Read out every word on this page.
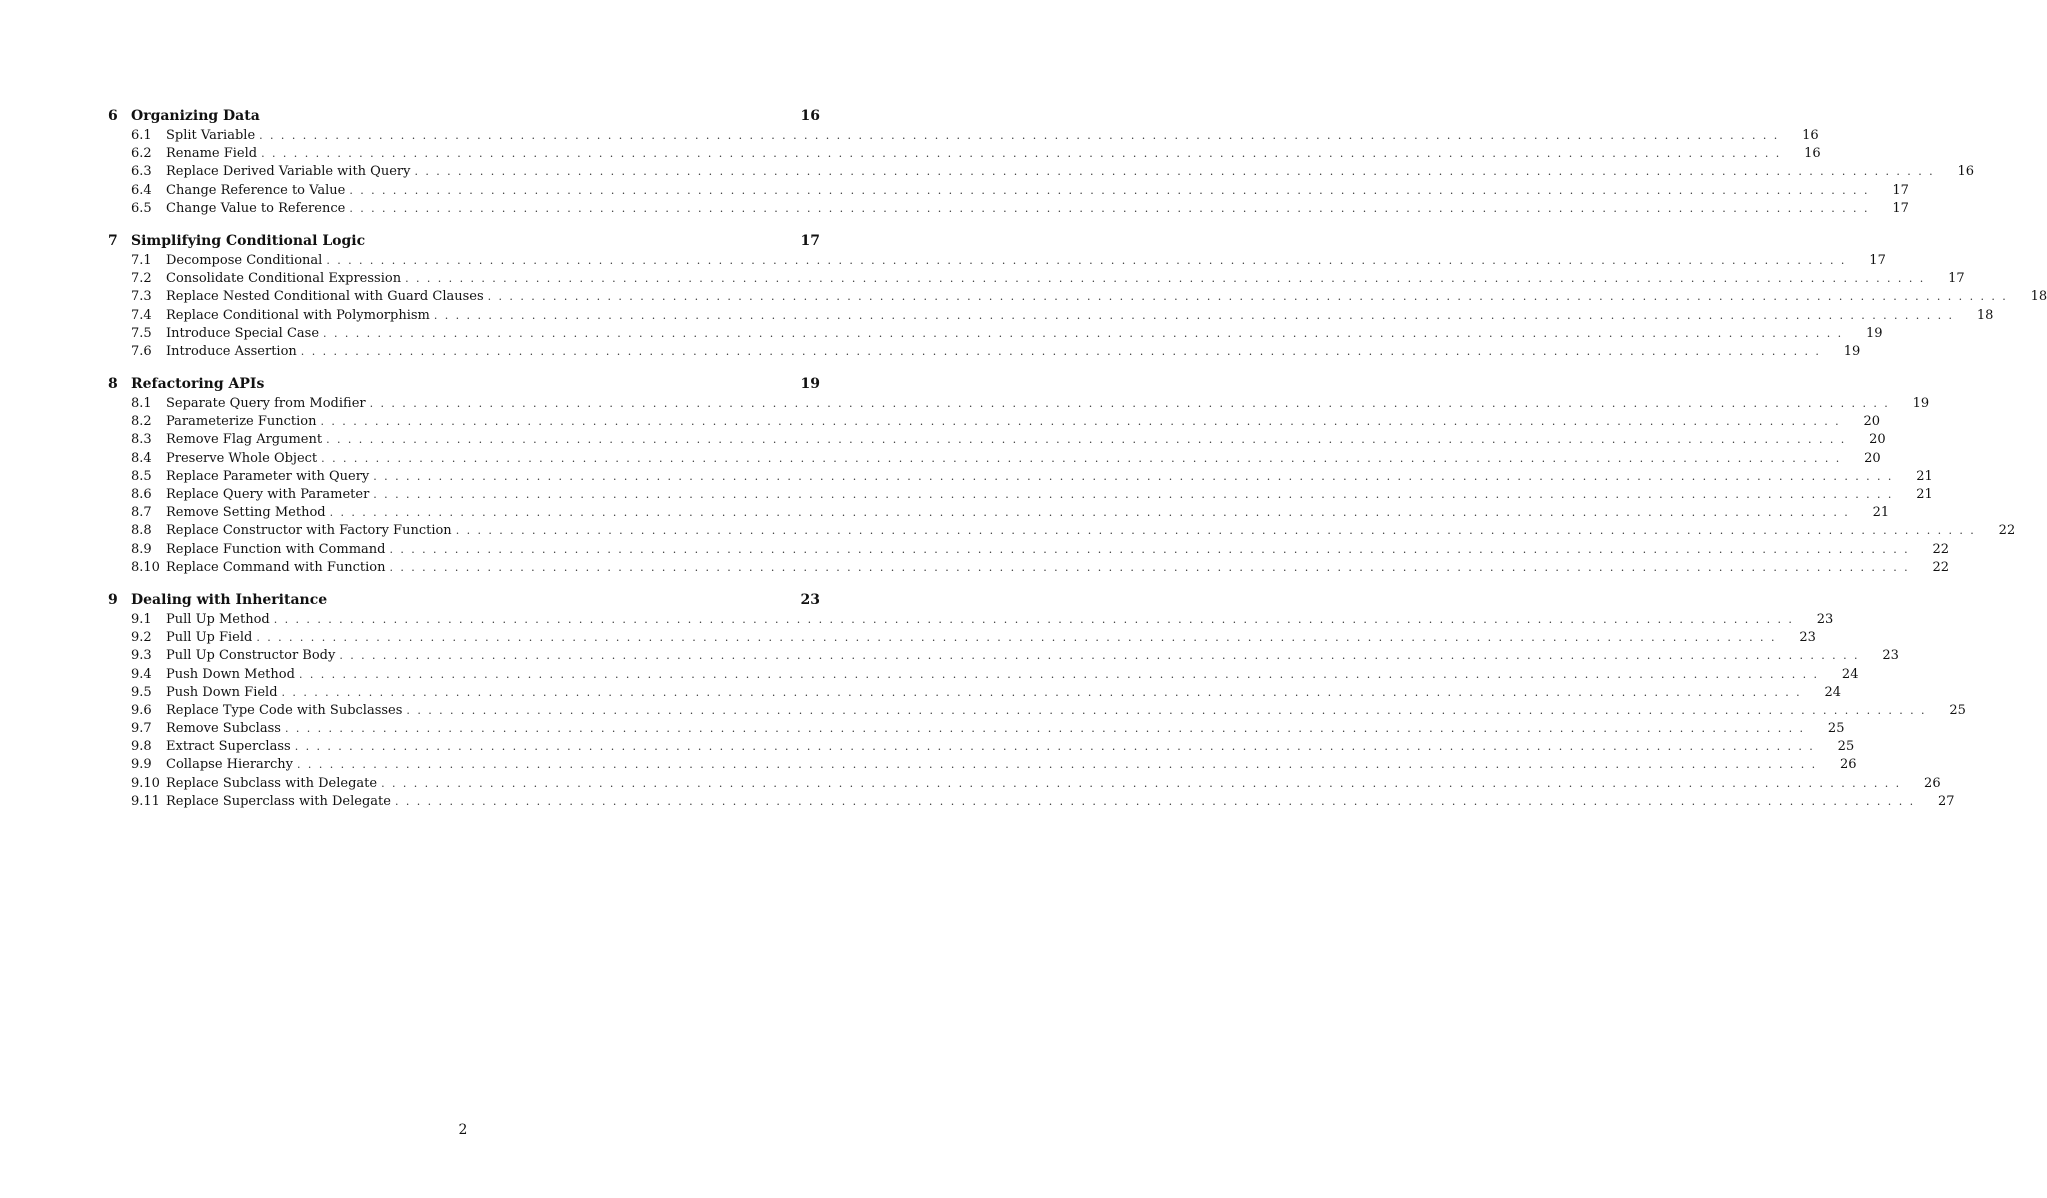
6 Organizing Data	16
6.1	Split Variable ............................................................................................................................................	16
6.2	Rename Field ............................................................................................................................................	16
6.3	Replace Derived Variable with Query ............................................................................................................................................	16
6.4	Change Reference to Value ............................................................................................................................................	17
6.5	Change Value to Reference ............................................................................................................................................	17
7 Simplifying Conditional Logic	17
7.1	Decompose Conditional ............................................................................................................................................	17
7.2	Consolidate Conditional Expression ............................................................................................................................................	17
7.3	Replace Nested Conditional with Guard Clauses ............................................................................................................................................	18
7.4	Replace Conditional with Polymorphism ............................................................................................................................................	18
7.5	Introduce Special Case ............................................................................................................................................	19
7.6	Introduce Assertion ............................................................................................................................................	19
8 Refactoring APIs	19
8.1	Separate Query from Modifier ............................................................................................................................................	19
8.2	Parameterize Function ............................................................................................................................................	20
8.3	Remove Flag Argument ............................................................................................................................................	20
8.4	Preserve Whole Object ............................................................................................................................................	20
8.5	Replace Parameter with Query ............................................................................................................................................	21
8.6	Replace Query with Parameter ............................................................................................................................................	21
8.7	Remove Setting Method ............................................................................................................................................	21
8.8	Replace Constructor with Factory Function ............................................................................................................................................	22
8.9	Replace Function with Command ............................................................................................................................................	22
8.10 Replace Command with Function ............................................................................................................................................	22
9 Dealing with Inheritance	23
9.1	Pull Up Method ............................................................................................................................................	23
9.2	Pull Up Field ............................................................................................................................................	23
9.3	Pull Up Constructor Body ............................................................................................................................................	23
9.4	Push Down Method ............................................................................................................................................	24
9.5	Push Down Field ............................................................................................................................................	24
9.6	Replace Type Code with Subclasses ............................................................................................................................................	25
9.7	Remove Subclass ............................................................................................................................................	25
9.8	Extract Superclass ............................................................................................................................................	25
9.9	Collapse Hierarchy ............................................................................................................................................	26
9.10 Replace Subclass with Delegate ............................................................................................................................................	26
9.11 Replace Superclass with Delegate ............................................................................................................................................	27
2
